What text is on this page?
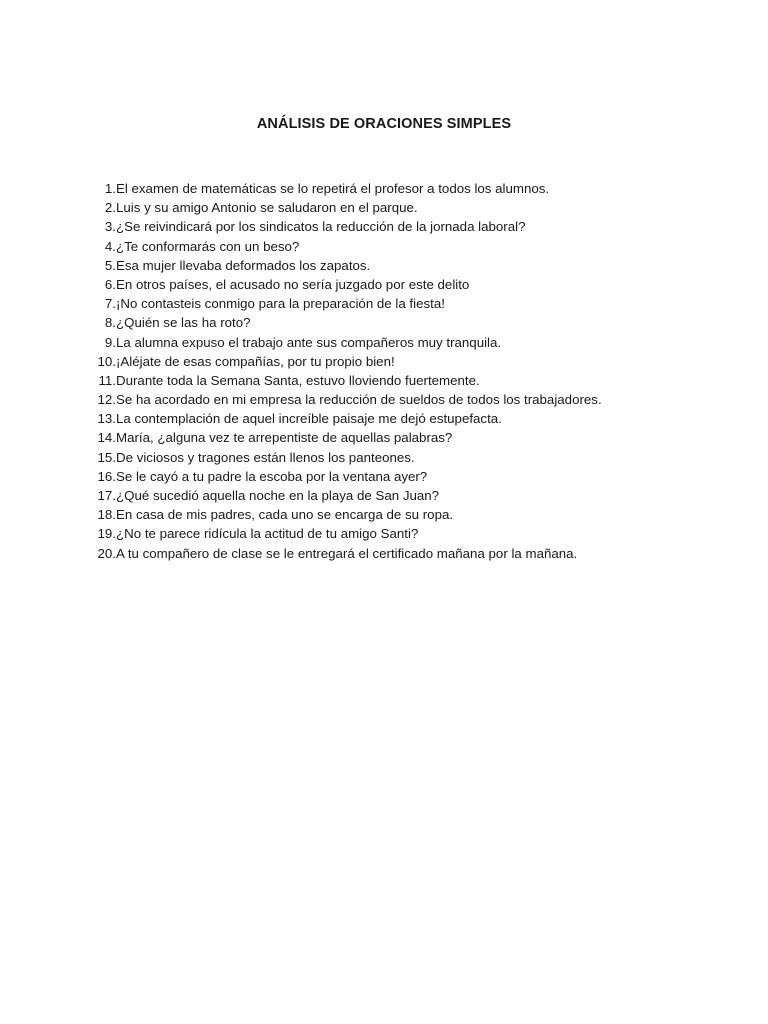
ANÁLISIS DE ORACIONES SIMPLES
1. El examen de matemáticas se lo repetirá el profesor a todos los alumnos.
2. Luis y su amigo Antonio se saludaron en el parque.
3. ¿Se reivindicará por los sindicatos la reducción de la jornada laboral?
4. ¿Te conformarás con un beso?
5. Esa mujer llevaba deformados los zapatos.
6. En otros países, el acusado no sería juzgado por este delito
7. ¡No contasteis conmigo para la preparación de la fiesta!
8. ¿Quién se las ha roto?
9. La alumna expuso el trabajo ante sus compañeros muy tranquila.
10. ¡Aléjate de esas compañías, por tu propio bien!
11. Durante toda la Semana Santa, estuvo lloviendo fuertemente.
12. Se ha acordado en mi empresa la reducción de sueldos de todos los trabajadores.
13. La contemplación de aquel increíble paisaje me dejó estupefacta.
14. María, ¿alguna vez te arrepentiste de aquellas palabras?
15. De viciosos y tragones están llenos los panteones.
16. Se le cayó a tu padre la escoba por la ventana ayer?
17. ¿Qué sucedió aquella noche en la playa de San Juan?
18. En casa de mis padres, cada uno se encarga de su ropa.
19. ¿No te parece ridícula la actitud de tu amigo Santi?
20. A tu compañero de clase se le entregará el certificado mañana por la mañana.
